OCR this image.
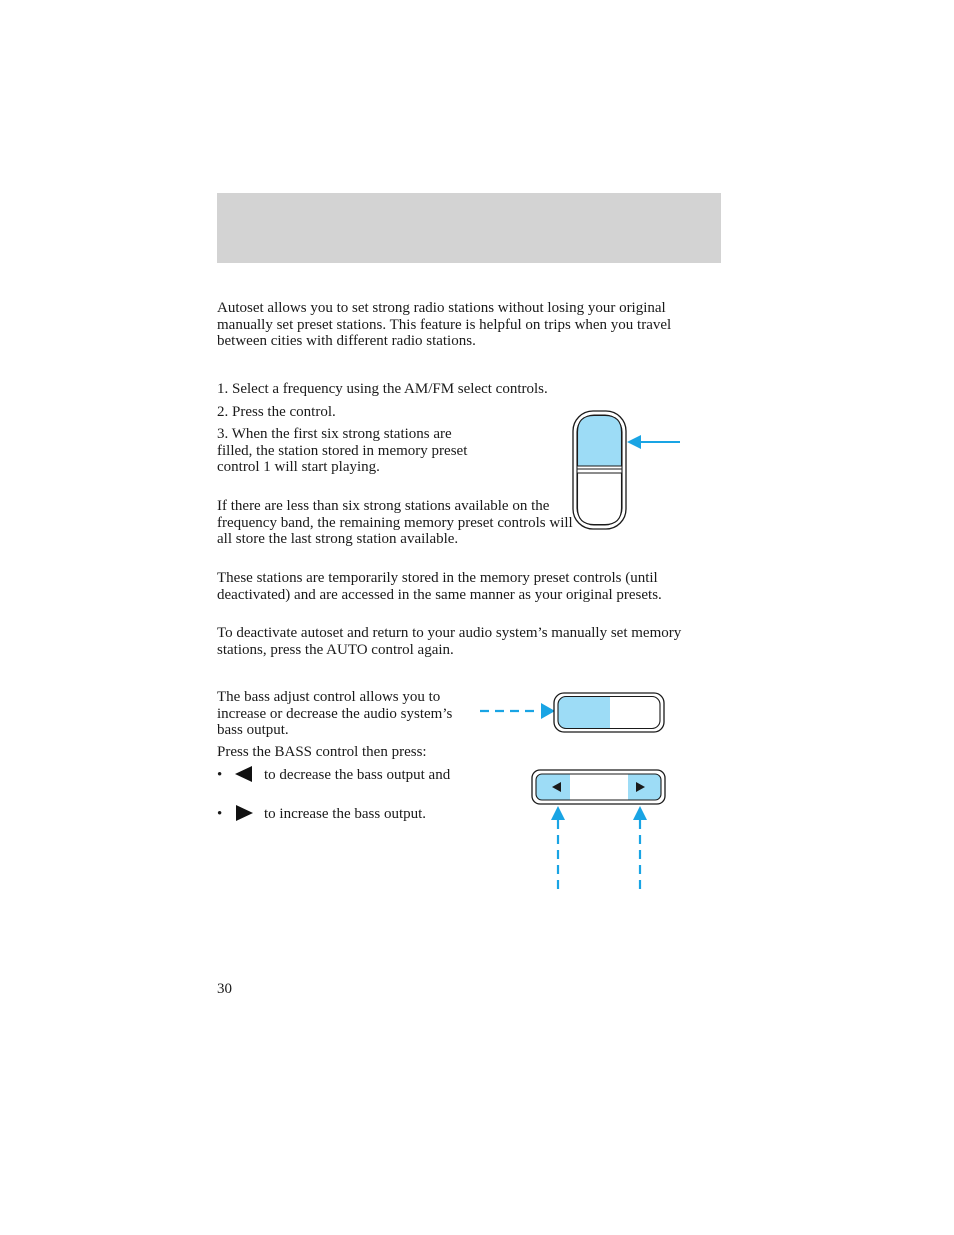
Autoset allows you to set strong radio stations without losing your original manually set preset stations. This feature is helpful on trips when you travel between cities with different radio stations.

1. Select a frequency using the AM/FM select controls.

2. Press the control.

3. When the first six strong stations are filled, the station stored in memory preset control 1 will start playing.

If there are less than six strong stations available on the frequency band, the remaining memory preset controls will all store the last strong station available.

These stations are temporarily stored in the memory preset controls (until deactivated) and are accessed in the same manner as your original presets.

To deactivate autoset and return to your audio system’s manually set memory stations, press the AUTO control again.

The bass adjust control allows you to increase or decrease the audio system’s bass output.

Press the BASS control then press:

•	to decrease the bass output and

•	to increase the bass output.

30
